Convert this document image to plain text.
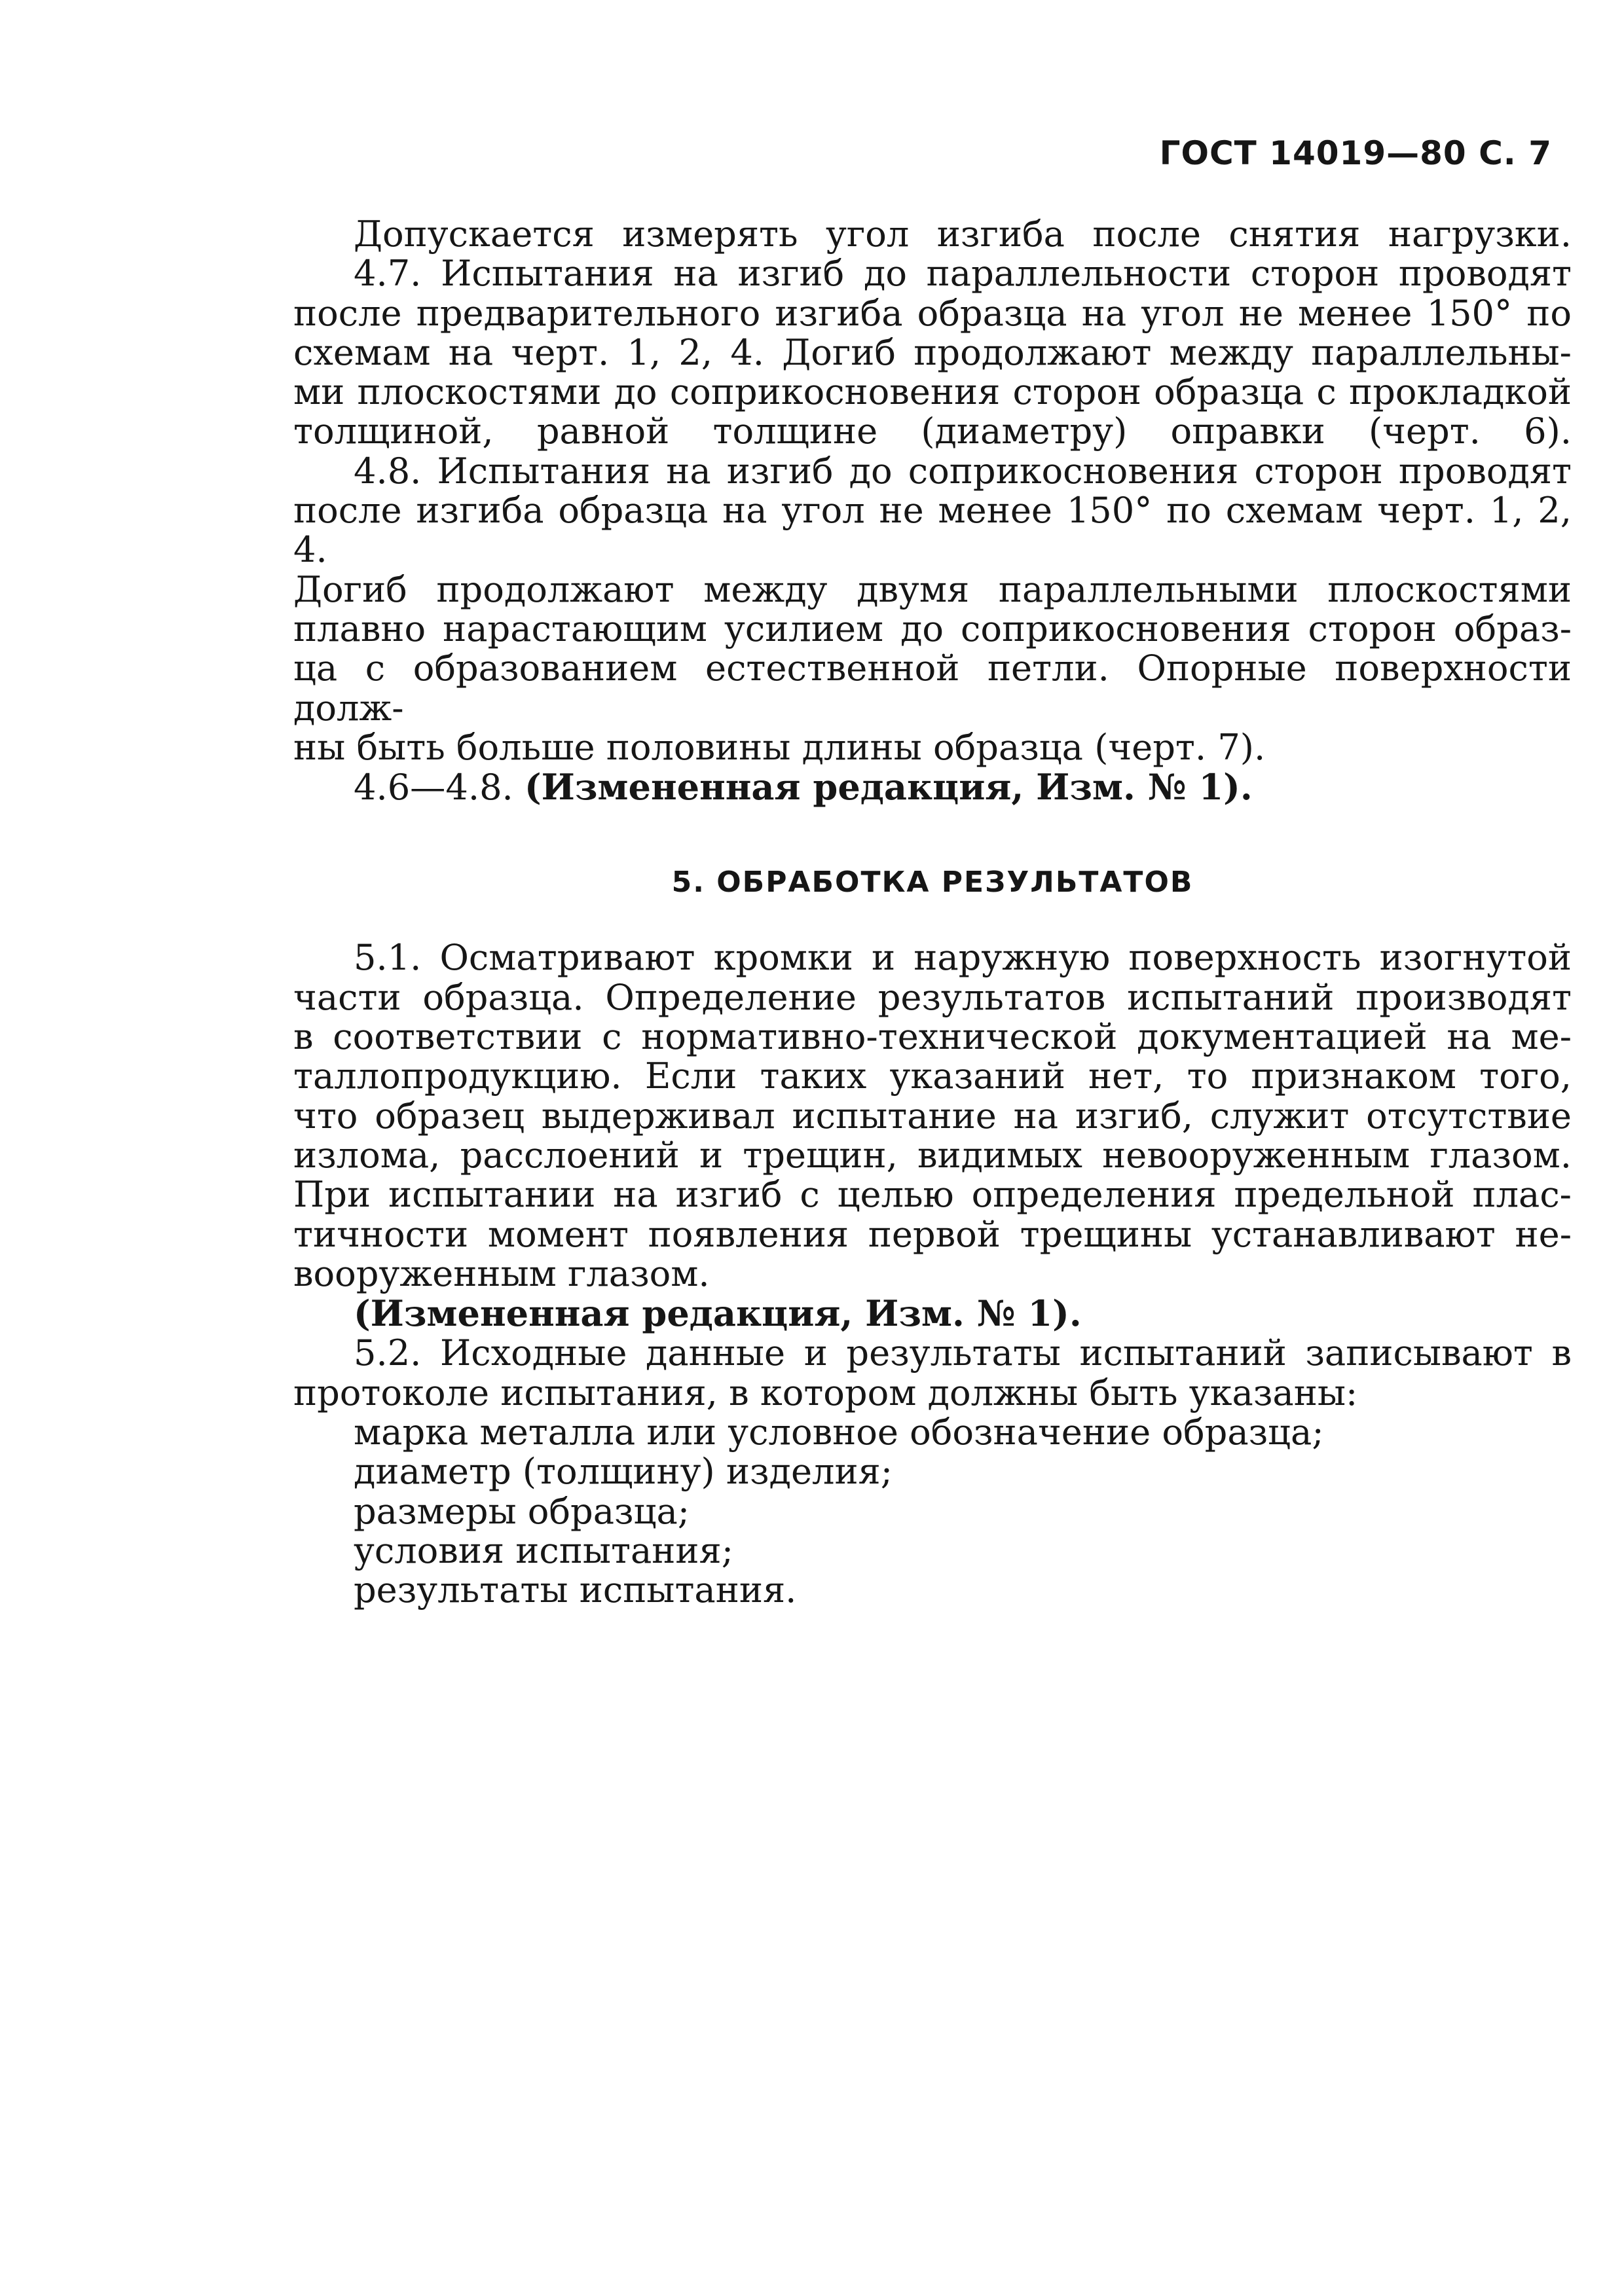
ГОСТ 14019—80 С. 7
Допускается измерять угол изгиба после снятия нагрузки.
4.7. Испытания на изгиб до параллельности сторон проводят
после предварительного изгиба образца на угол не менее 150° по
схемам на черт. 1, 2, 4. Догиб продолжают между параллельны-
ми плоскостями до соприкосновения сторон образца с прокладкой
толщиной, равной толщине (диаметру) оправки (черт. 6).
4.8. Испытания на изгиб до соприкосновения сторон проводят
после изгиба образца на угол не менее 150° по схемам черт. 1, 2, 4.
Догиб продолжают между двумя параллельными плоскостями
плавно нарастающим усилием до соприкосновения сторон образ-
ца с образованием естественной петли. Опорные поверхности долж-
ны быть больше половины длины образца (черт. 7).
4.6—4.8. (Измененная редакция, Изм. № 1).
5. ОБРАБОТКА РЕЗУЛЬТАТОВ
5.1. Осматривают кромки и наружную поверхность изогнутой
части образца. Определение результатов испытаний производят
в соответствии с нормативно-технической документацией на ме-
таллопродукцию. Если таких указаний нет, то признаком того,
что образец выдерживал испытание на изгиб, служит отсутствие
излома, расслоений и трещин, видимых невооруженным глазом.
При испытании на изгиб с целью определения предельной плас-
тичности момент появления первой трещины устанавливают не-
вооруженным глазом.
(Измененная редакция, Изм. № 1).
5.2. Исходные данные и результаты испытаний записывают в
протоколе испытания, в котором должны быть указаны:
марка металла или условное обозначение образца;
диаметр (толщину) изделия;
размеры образца;
условия испытания;
результаты испытания.
